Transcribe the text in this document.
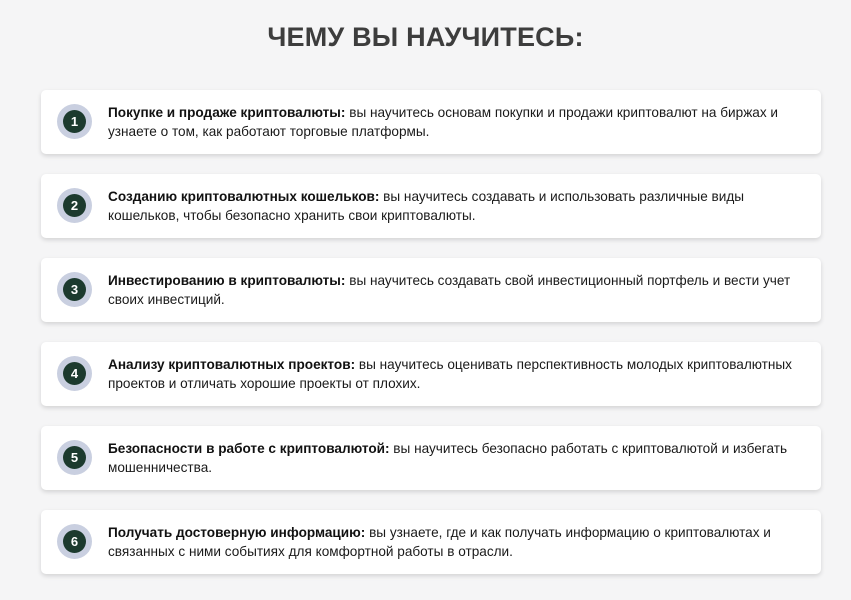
ЧЕМУ ВЫ НАУЧИТЕСЬ:
1
Покупке и продаже криптовалюты: вы научитесь основам покупки и продажи криптовалют на биржах и узнаете о том, как работают торговые платформы.
2
Созданию криптовалютных кошельков: вы научитесь создавать и использовать различные виды кошельков, чтобы безопасно хранить свои криптовалюты.
3
Инвестированию в криптовалюты: вы научитесь создавать свой инвестиционный портфель и вести учет своих инвестиций.
4
Анализу криптовалютных проектов: вы научитесь оценивать перспективность молодых криптовалютных проектов и отличать хорошие проекты от плохих.
5
Безопасности в работе с криптовалютой: вы научитесь безопасно работать с криптовалютой и избегать мошенничества.
6
Получать достоверную информацию: вы узнаете, где и как получать информацию о криптовалютах и связанных с ними событиях для комфортной работы в отрасли.
